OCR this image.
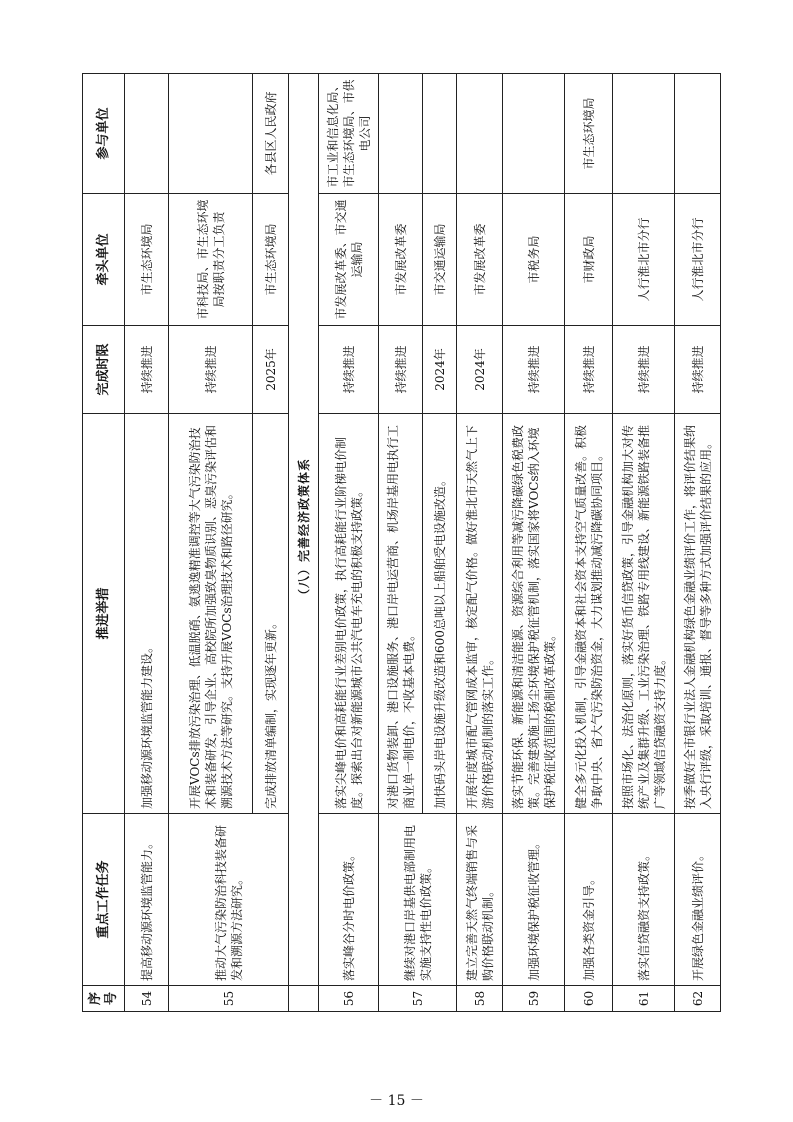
序号	重点工作任务	推进举措	完成时限	牵头单位	参与单位
54	提高移动源环境监管能力。	加强移动源环境监管能力建设。	持续推进	市生态环境局	
55	推动大气污染防治科技装备研发和溯源方法研究。	开展VOCs排放污染治理、低温脱硝、氨逃逸精准调控等大气污染防治技术和装备研发，引导企业、高校院所加强致臭物质识别、恶臭污染评估和溯源技术方法等研究。支持开展VOCs治理技术和路径研究。	持续推进	市科技局、市生态环境局按职责分工负责	
		完成排放清单编制，实现逐年更新。	2025年	市生态环境局	各县区人民政府
	（八）完善经济政策体系				
56	落实峰谷分时电价政策。	落实尖峰电价和高耗能行业差别电价政策，执行高耗能行业阶梯电价制度。探索出台对新能源城市公共汽电车充电的积极支持政策。	持续推进	市发展改革委、市交通运输局	市工业和信息化局、市生态环境局、市供电公司
57	继续对港口岸基供电部制用电实施支持性电价政策。	对港口货物装卸、港口设施服务、港口岸电运营商、机场岸基用电执行工商业单一制电价，不收基本电费。	持续推进	市发展改革委	
		加快码头岸电设施升级改造和600总吨以上船舶受电设施改造。	2024年	市交通运输局	
58	建立完善天然气终端销售与采购价格联动机制。	开展年度城市配气管网成本监审，核定配气价格。做好淮北市天然气上下游价格联动机制的落实工作。	2024年	市发展改革委	
59	加强环境保护税征收管理。	落实节能环保、新能源和清洁能源、资源综合利用等减污降碳绿色税费政策。完善建筑施工扬尘环境保护税征管机制，落实国家将VOCs纳入环境保护税征收范围的税制改革政策。	持续推进	市税务局	
60	加强各类资金引导。	健全多元化投入机制，引导金融资本和社会资本支持空气质量改善。积极争取中央、省大气污染防治资金，大力谋划推动减污降碳协同项目。	持续推进	市财政局	市生态环境局
61	落实信贷融资支持政策。	按照市场化、法治化原则，落实好货币信贷政策，引导金融机构加大对传统产业及集群升级、工业污染治理、铁路专用线建设、新能源铁路装备推广等领域信贷融资支持力度。	持续推进	人行淮北市分行	
62	开展绿色金融业绩评价。	按季做好全市银行业法人金融机构绿色金融业绩评价工作，将评价结果纳入央行评级，采取培训、通报、督导等多种方式加强评价结果的应用。	持续推进	人行淮北市分行	
－ 15 －
